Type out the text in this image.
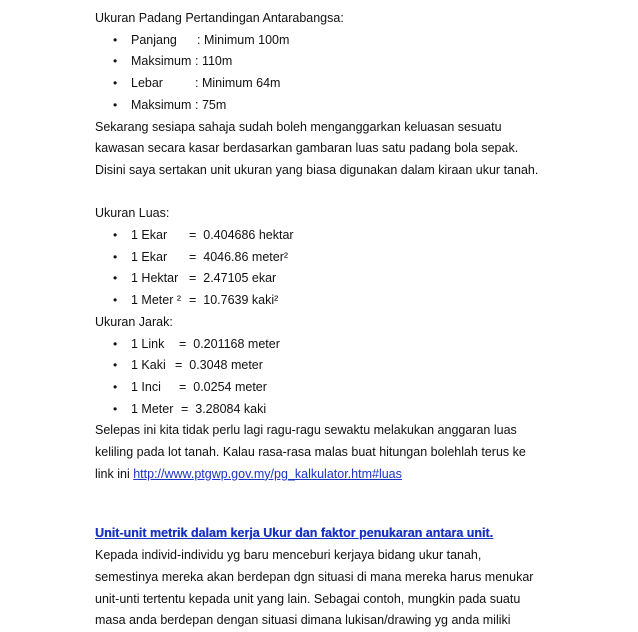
Ukuran Padang Pertandingan Antarabangsa:

• Panjang : Minimum 100m
• Maksimum : 110m
• Lebar	: Minimum 64m
• Maksimum : 75m

Sekarang sesiapa sahaja sudah boleh menganggarkan keluasan sesuatu

kawasan secara kasar berdasarkan gambaran luas satu padang bola sepak.

Disini saya sertakan unit ukuran yang biasa digunakan dalam kiraan ukur tanah.

Ukuran Luas:

• 1 Ekar =  0.404686 hektar
• 1 Ekar =  4046.86 meter²
• 1 Hektar =  2.47105 ekar
• 1 Meter ² =  10.7639 kaki²

Ukuran Jarak:

• 1 Link =  0.201168 meter
• 1 Kaki =  0.3048 meter
• 1 Inci =  0.0254 meter
• 1 Meter =  3.28084 kaki

Selepas ini kita tidak perlu lagi ragu-ragu sewaktu melakukan anggaran luas

keliling pada lot tanah. Kalau rasa-rasa malas buat hitungan bolehlah terus ke

link ini http://www.ptgwp.gov.my/pg_kalkulator.htm#luas

Unit-unit metrik dalam kerja Ukur dan faktor penukaran antara unit.

Kepada individ-individu yg baru menceburi kerjaya bidang ukur tanah,

semestinya mereka akan berdepan dgn situasi di mana mereka harus menukar

unit-unti tertentu kepada unit yang lain. Sebagai contoh, mungkin pada suatu

masa anda berdepan dengan situasi dimana lukisan/drawing yg anda miliki
